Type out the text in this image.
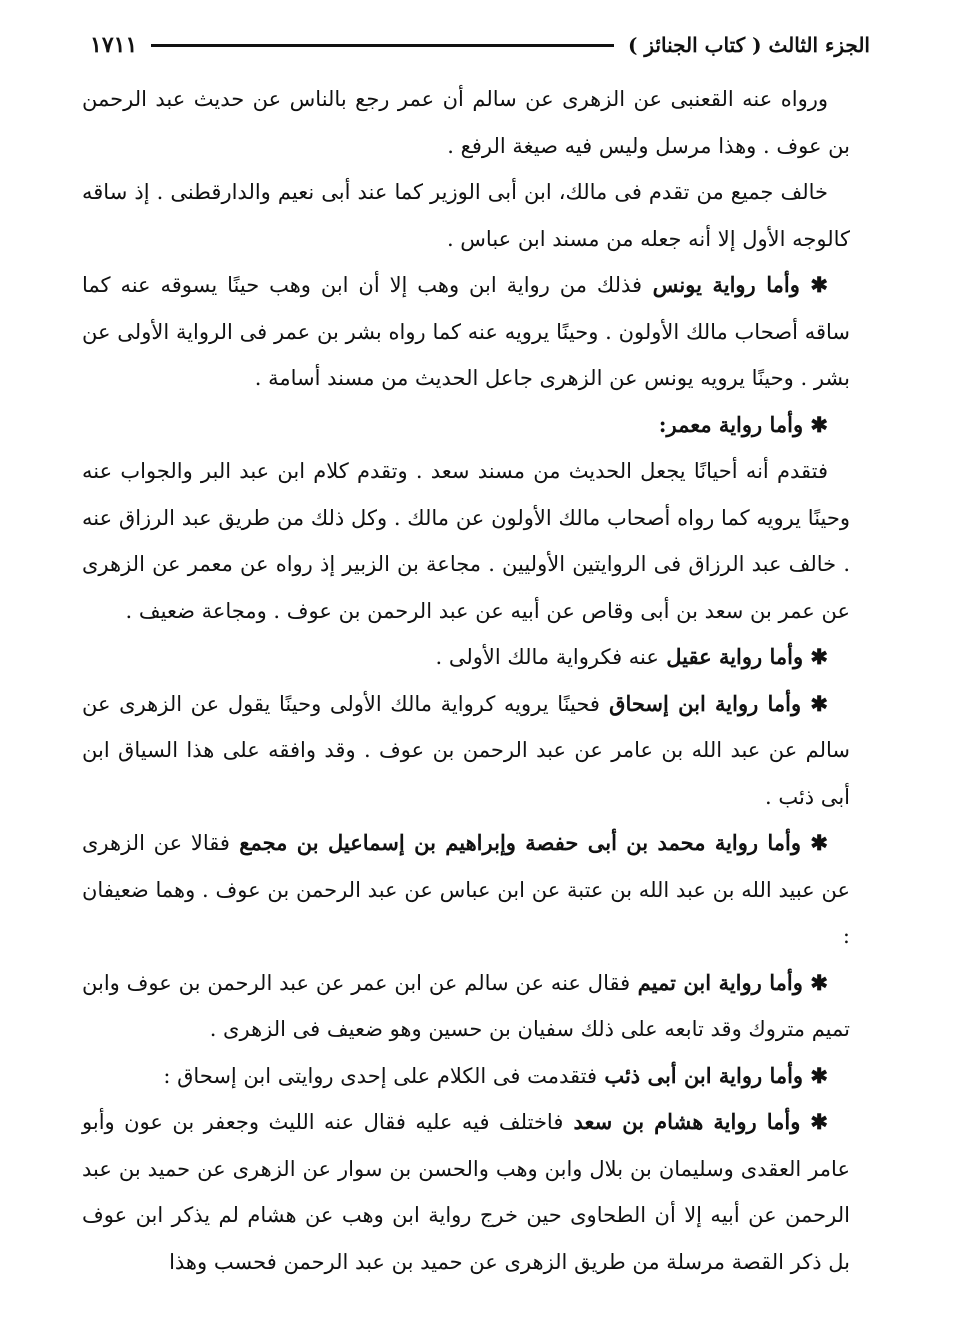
الجزء الثالث ( كتاب الجنائز )
١٧١١

ورواه عنه القعنبى عن الزهرى عن سالم أن عمر رجع بالناس عن حديث عبد الرحمن بن عوف . وهذا مرسل وليس فيه صيغة الرفع .

خالف جميع من تقدم فى مالك، ابن أبى الوزير كما عند أبى نعيم والدارقطنى . إذ ساقه كالوجه الأول إلا أنه جعله من مسند ابن عباس .

✱ وأما رواية يونس فذلك من رواية ابن وهب إلا أن ابن وهب حينًا يسوقه عنه كما ساقه أصحاب مالك الأولون . وحينًا يرويه عنه كما رواه بشر بن عمر فى الرواية الأولى عن بشر . وحينًا يرويه يونس عن الزهرى جاعل الحديث من مسند أسامة .

✱ وأما رواية معمر:

فتقدم أنه أحيانًا يجعل الحديث من مسند سعد . وتقدم كلام ابن عبد البر والجواب عنه وحينًا يرويه كما رواه أصحاب مالك الأولون عن مالك . وكل ذلك من طريق عبد الرزاق عنه . خالف عبد الرزاق فى الروايتين الأوليين . مجاعة بن الزبير إذ رواه عن معمر عن الزهرى عن عمر بن سعد بن أبى وقاص عن أبيه عن عبد الرحمن بن عوف . ومجاعة ضعيف .

✱ وأما رواية عقيل عنه فكرواية مالك الأولى .

✱ وأما رواية ابن إسحاق فحينًا يرويه كرواية مالك الأولى وحينًا يقول عن الزهرى عن سالم عن عبد الله بن عامر عن عبد الرحمن بن عوف . وقد وافقه على هذا السياق ابن أبى ذئب .

✱ وأما رواية محمد بن أبى حفصة وإبراهيم بن إسماعيل بن مجمع فقالا عن الزهرى عن عبيد الله بن عبد الله بن عتبة عن ابن عباس عن عبد الرحمن بن عوف . وهما ضعيفان :

✱ وأما رواية ابن تميم فقال عنه عن سالم عن ابن عمر عن عبد الرحمن بن عوف وابن تميم متروك وقد تابعه على ذلك سفيان بن حسين وهو ضعيف فى الزهرى .

✱ وأما رواية ابن أبى ذئب فتقدمت فى الكلام على إحدى روايتى ابن إسحاق :

✱ وأما رواية هشام بن سعد فاختلف فيه عليه فقال عنه الليث وجعفر بن عون وأبو عامر العقدى وسليمان بن بلال وابن وهب والحسن بن سوار عن الزهرى عن حميد بن عبد الرحمن عن أبيه إلا أن الطحاوى حين خرج رواية ابن وهب عن هشام لم يذكر ابن عوف بل ذكر القصة مرسلة من طريق الزهرى عن حميد بن عبد الرحمن فحسب وهذا
